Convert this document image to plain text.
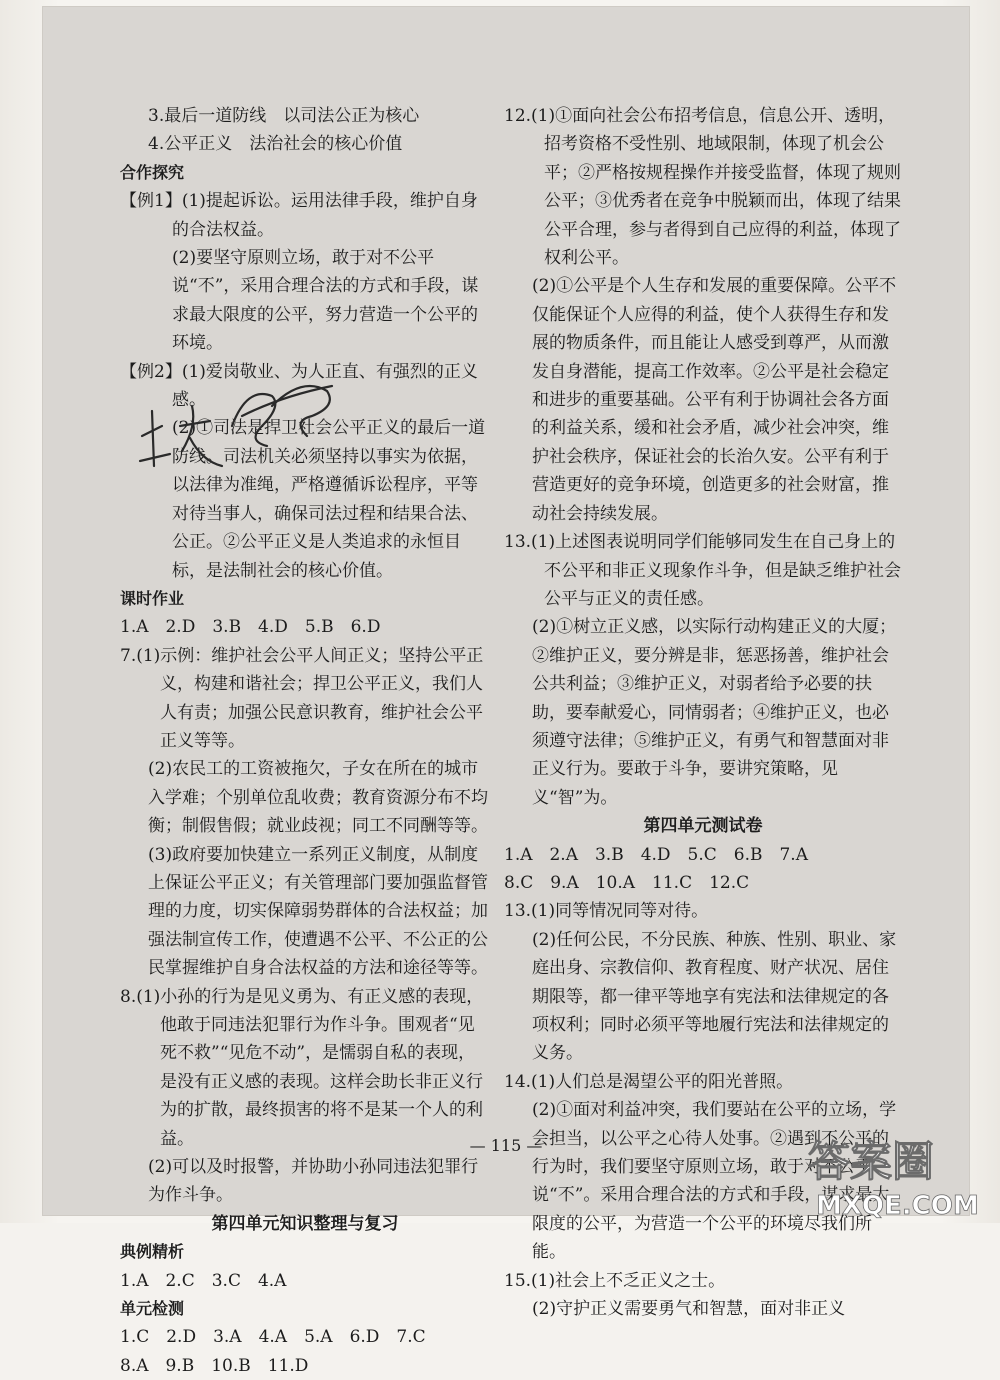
3.最后一道防线　以司法公正为核心

4.公平正义　法治社会的核心价值

合作探究

【例1】(1)提起诉讼。运用法律手段，维护自身的合法权益。

(2)要坚守原则立场，敢于对不公平说“不”，采用合理合法的方式和手段，谋求最大限度的公平，努力营造一个公平的环境。

【例2】(1)爱岗敬业、为人正直、有强烈的正义感。

(2)①司法是捍卫社会公平正义的最后一道防线。司法机关必须坚持以事实为依据，以法律为准绳，严格遵循诉讼程序，平等对待当事人，确保司法过程和结果合法、公正。②公平正义是人类追求的永恒目标，是法制社会的核心价值。

课时作业

1.A　2.D　3.B　4.D　5.B　6.D

7.(1)示例：维护社会公平人间正义；坚持公平正义，构建和谐社会；捍卫公平正义，我们人人有责；加强公民意识教育，维护社会公平正义等等。

(2)农民工的工资被拖欠，子女在所在的城市入学难；个别单位乱收费；教育资源分布不均衡；制假售假；就业歧视；同工不同酬等等。

(3)政府要加快建立一系列正义制度，从制度上保证公平正义；有关管理部门要加强监督管理的力度，切实保障弱势群体的合法权益；加强法制宣传工作，使遭遇不公平、不公正的公民掌握维护自身合法权益的方法和途径等等。

8.(1)小孙的行为是见义勇为、有正义感的表现，他敢于同违法犯罪行为作斗争。围观者“见死不救”“见危不动”，是懦弱自私的表现，是没有正义感的表现。这样会助长非正义行为的扩散，最终损害的将不是某一个人的利益。

(2)可以及时报警，并协助小孙同违法犯罪行为作斗争。

第四单元知识整理与复习

典例精析

1.A　2.C　3.C　4.A

单元检测

1.C　2.D　3.A　4.A　5.A　6.D　7.C

8.A　9.B　10.B　11.D

12.(1)①面向社会公布招考信息，信息公开、透明，招考资格不受性别、地域限制，体现了机会公平；②严格按规程操作并接受监督，体现了规则公平；③优秀者在竞争中脱颖而出，体现了结果公平合理，参与者得到自己应得的利益，体现了权利公平。

(2)①公平是个人生存和发展的重要保障。公平不仅能保证个人应得的利益，使个人获得生存和发展的物质条件，而且能让人感受到尊严，从而激发自身潜能，提高工作效率。②公平是社会稳定和进步的重要基础。公平有利于协调社会各方面的利益关系，缓和社会矛盾，减少社会冲突，维护社会秩序，保证社会的长治久安。公平有利于营造更好的竞争环境，创造更多的社会财富，推动社会持续发展。

13.(1)上述图表说明同学们能够同发生在自己身上的不公平和非正义现象作斗争，但是缺乏维护社会公平与正义的责任感。

(2)①树立正义感，以实际行动构建正义的大厦；②维护正义，要分辨是非，惩恶扬善，维护社会公共利益；③维护正义，对弱者给予必要的扶助，要奉献爱心，同情弱者；④维护正义，也必须遵守法律；⑤维护正义，有勇气和智慧面对非正义行为。要敢于斗争，要讲究策略，见义“智”为。

第四单元测试卷

1.A　2.A　3.B　4.D　5.C　6.B　7.A

8.C　9.A　10.A　11.C　12.C

13.(1)同等情况同等对待。

(2)任何公民，不分民族、种族、性别、职业、家庭出身、宗教信仰、教育程度、财产状况、居住期限等，都一律平等地享有宪法和法律规定的各项权利；同时必须平等地履行宪法和法律规定的义务。

14.(1)人们总是渴望公平的阳光普照。

(2)①面对利益冲突，我们要站在公平的立场，学会担当，以公平之心待人处事。②遇到不公平的行为时，我们要坚守原则立场，敢于对不公平说“不”。采用合理合法的方式和手段，谋求最大限度的公平，为营造一个公平的环境尽我们所能。

15.(1)社会上不乏正义之士。

(2)守护正义需要勇气和智慧，面对非正义

— 115 —	答案圈
MXQE.COM
